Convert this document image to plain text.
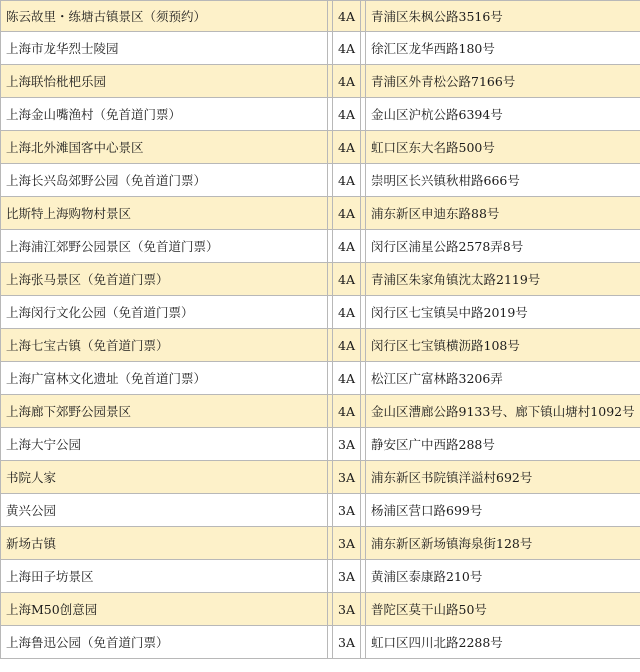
陈云故里・练塘古镇景区（须预约）		4A		青浦区朱枫公路3516号
上海市龙华烈士陵园		4A		徐汇区龙华西路180号
上海联怡枇杷乐园		4A		青浦区外青松公路7166号
上海金山嘴渔村（免首道门票）		4A		金山区沪杭公路6394号
上海北外滩国客中心景区		4A		虹口区东大名路500号
上海长兴岛郊野公园（免首道门票）		4A		崇明区长兴镇秋柑路666号
比斯特上海购物村景区		4A		浦东新区申迪东路88号
上海浦江郊野公园景区（免首道门票）		4A		闵行区浦星公路2578弄8号
上海张马景区（免首道门票）		4A		青浦区朱家角镇沈太路2119号
上海闵行文化公园（免首道门票）		4A		闵行区七宝镇吴中路2019号
上海七宝古镇（免首道门票）		4A		闵行区七宝镇横沥路108号
上海广富林文化遗址（免首道门票）		4A		松江区广富林路3206弄
上海廊下郊野公园景区		4A		金山区漕廊公路9133号、廊下镇山塘村1092号
上海大宁公园		3A		静安区广中西路288号
书院人家		3A		浦东新区书院镇洋溢村692号
黄兴公园		3A		杨浦区营口路699号
新场古镇		3A		浦东新区新场镇海泉街128号
上海田子坊景区		3A		黄浦区泰康路210号
上海M50创意园		3A		普陀区莫干山路50号
上海鲁迅公园（免首道门票）		3A		虹口区四川北路2288号
